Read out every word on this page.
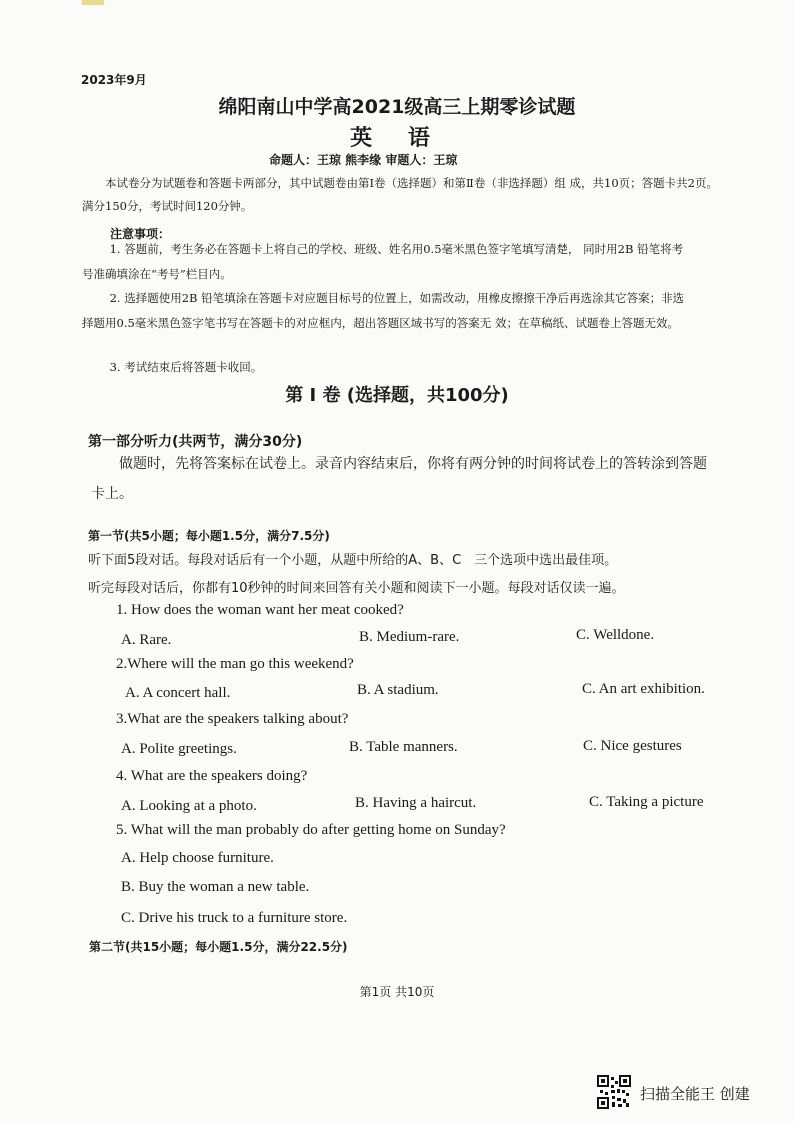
2023年9月
绵阳南山中学高2021级高三上期零诊试题
英 语
命题人：王琼 熊李缘 审题人：王琼
本试卷分为试题卷和答题卡两部分，其中试题卷由第Ⅰ卷（选择题）和第Ⅱ卷（非选择题）组 成，共10页；答题卡共2页。满分150分，考试时间120分钟。
注意事项：
1. 答题前，考生务必在答题卡上将自己的学校、班级、姓名用0.5毫米黑色签字笔填写清楚， 同时用2B 铅笔将考号准确填涂在“考号”栏目内。
2. 选择题使用2B 铅笔填涂在答题卡对应题目标号的位置上，如需改动，用橡皮擦擦干净后再选涂其它答案；非选择题用0.5毫米黑色签字笔书写在答题卡的对应框内，超出答题区域书写的答案无 效；在草稿纸、试题卷上答题无效。
3. 考试结束后将答题卡收回。
第 I 卷 (选择题，共100分)
第一部分听力(共两节，满分30分)
做题时，先将答案标在试卷上。录音内容结束后，你将有两分钟的时间将试卷上的答转涂到答题卡上。
第一节(共5小题；每小题1.5分，满分7.5分)
听下面5段对话。每段对话后有一个小题，从题中所给的A、B、C　三个选项中选出最佳项。
听完每段对话后，你都有10秒钟的时间来回答有关小题和阅读下一小题。每段对话仅读一遍。
1. How does the woman want her meat cooked?
A. Rare.	B. Medium-rare.	C. Welldone.
2.Where will the man go this weekend?
A. A concert hall.	B. A stadium.	C. An art exhibition.
3.What are the speakers talking about?
A. Polite greetings.	B. Table manners.	C. Nice gestures
4. What are the speakers doing?
A. Looking at a photo.	B. Having a haircut.	C. Taking a picture
5. What will the man probably do after getting home on Sunday?
A. Help choose furniture.
B. Buy the woman a new table.
C. Drive his truck to a furniture store.
第二节(共15小题；每小题1.5分，满分22.5分)
第1页 共10页
扫描全能王 创建
